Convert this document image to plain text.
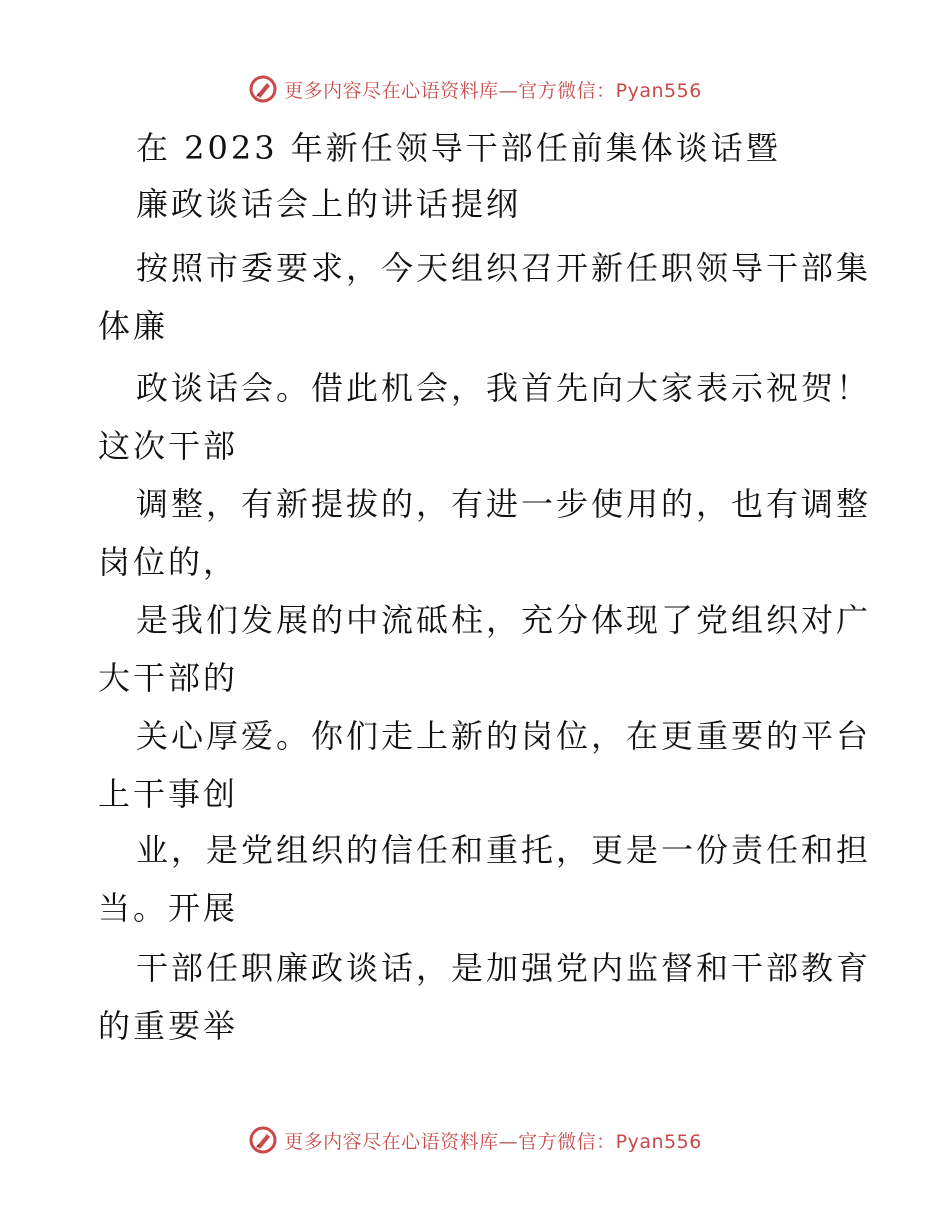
更多内容尽在心语资料库—官方微信：Pyan556
在 2023 年新任领导干部任前集体谈话暨
廉政谈话会上的讲话提纲
按照市委要求，今天组织召开新任职领导干部集
体廉
政谈话会。借此机会，我首先向大家表示祝贺！
这次干部
调整，有新提拔的，有进一步使用的，也有调整
岗位的，
是我们发展的中流砥柱，充分体现了党组织对广
大干部的
关心厚爱。你们走上新的岗位，在更重要的平台
上干事创
业，是党组织的信任和重托，更是一份责任和担
当。开展
干部任职廉政谈话，是加强党内监督和干部教育
的重要举
更多内容尽在心语资料库—官方微信：Pyan556
